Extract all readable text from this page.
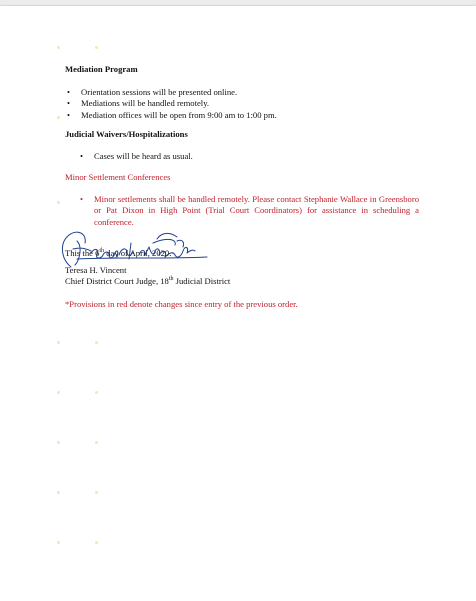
Mediation Program

• Orientation sessions will be presented online.
• Mediations will be handled remotely.
• Mediation offices will be open from 9:00 am to 1:00 pm.

Judicial Waivers/Hospitalizations

• Cases will be heard as usual.

Minor Settlement Conferences

• Minor settlements shall be handled remotely. Please contact Stephanie Wallace in Greensboro or Pat Dixon in High Point (Trial Court Coordinators) for assistance in scheduling a conference.

This the 6th day of April, 2020.

Teresa H. Vincent

Chief District Court Judge, 18th Judicial District

*Provisions in red denote changes since entry of the previous order.
